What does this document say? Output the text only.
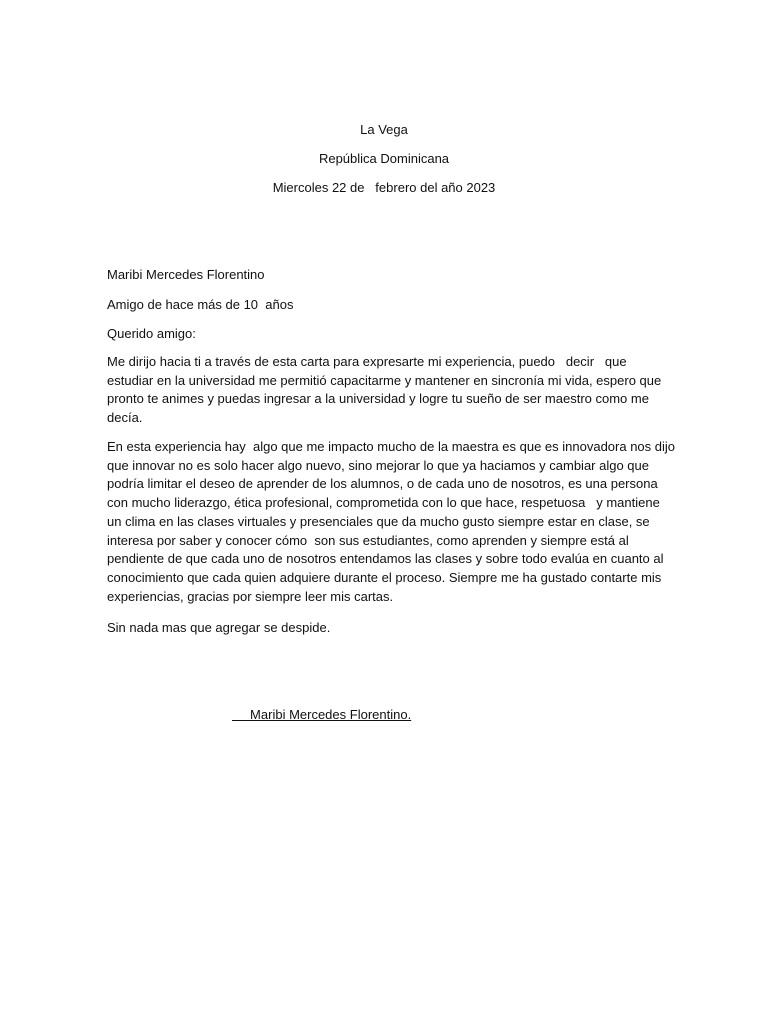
La Vega
República Dominicana
Miercoles 22 de   febrero del año 2023
Maribi Mercedes Florentino
Amigo de hace más de 10  años
Querido amigo:
Me dirijo hacia ti a través de esta carta para expresarte mi experiencia, puedo   decir   que
estudiar en la universidad me permitió capacitarme y mantener en sincronía mi vida, espero que
pronto te animes y puedas ingresar a la universidad y logre tu sueño de ser maestro como me
decía.
En esta experiencia hay  algo que me impacto mucho de la maestra es que es innovadora nos dijo
que innovar no es solo hacer algo nuevo, sino mejorar lo que ya haciamos y cambiar algo que
podría limitar el deseo de aprender de los alumnos, o de cada uno de nosotros, es una persona
con mucho liderazgo, ética profesional, comprometida con lo que hace, respetuosa   y mantiene
un clima en las clases virtuales y presenciales que da mucho gusto siempre estar en clase, se
interesa por saber y conocer cómo  son sus estudiantes, como aprenden y siempre está al
pendiente de que cada uno de nosotros entendamos las clases y sobre todo evalúa en cuanto al
conocimiento que cada quien adquiere durante el proceso. Siempre me ha gustado contarte mis
experiencias, gracias por siempre leer mis cartas.
Sin nada mas que agregar se despide.
Maribi Mercedes Florentino.
